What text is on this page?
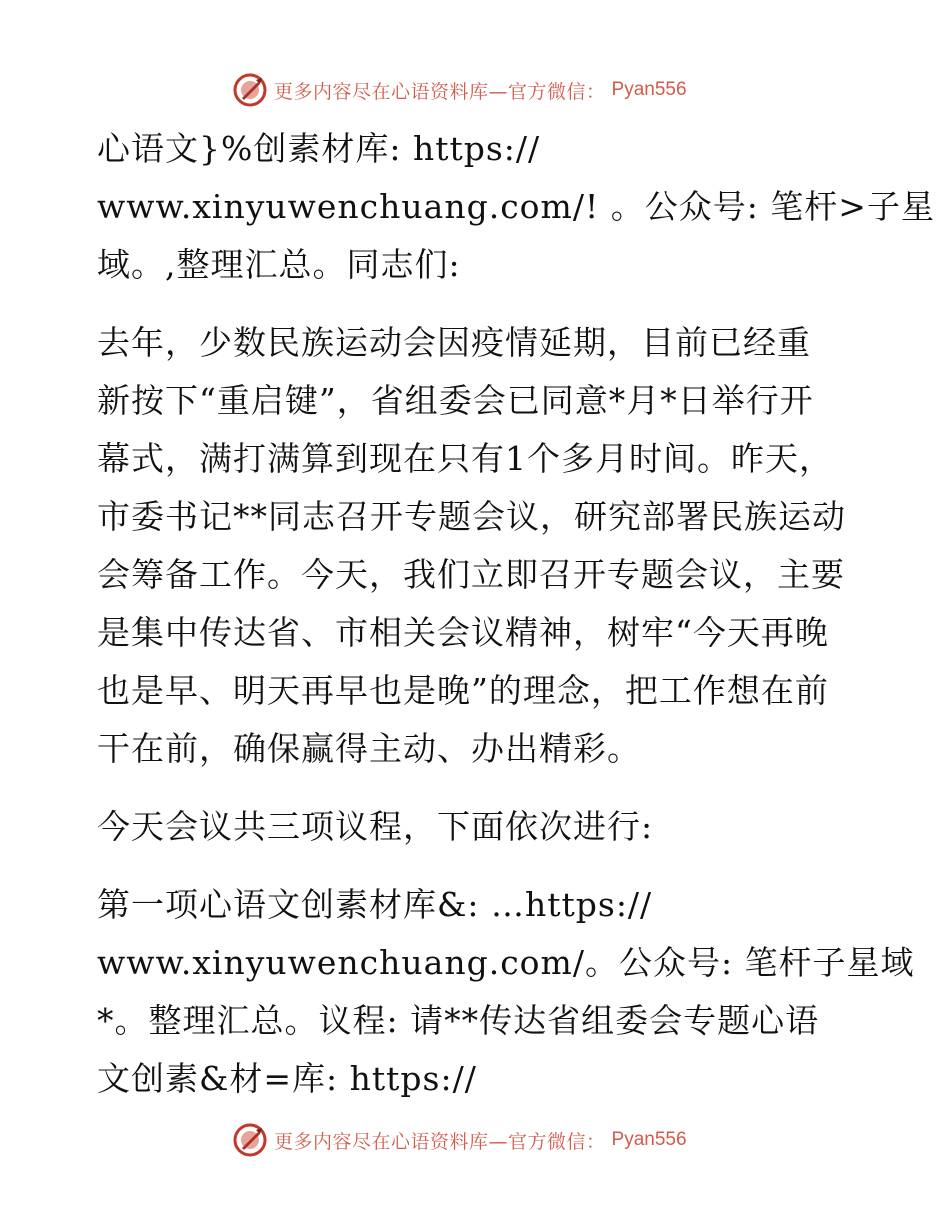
更多内容尽在心语资料库—官方微信： Pyan556
心语文}%创素材库: https://
www.xinyuwenchuang.com/! 。公众号: 笔杆>子星
域。,整理汇总。同志们:
去年，少数民族运动会因疫情延期，目前已经重
新按下“重启键”，省组委会已同意*月*日举行开
幕式，满打满算到现在只有1个多月时间。昨天，
市委书记**同志召开专题会议，研究部署民族运动
会筹备工作。今天，我们立即召开专题会议，主要
是集中传达省、市相关会议精神，树牢“今天再晚
也是早、明天再早也是晚”的理念，把工作想在前
干在前，确保赢得主动、办出精彩。
今天会议共三项议程，下面依次进行:
第一项心语文创素材库&: …https://
www.xinyuwenchuang.com/。公众号: 笔杆子星域
*。整理汇总。议程: 请**传达省组委会专题心语
文创素&材=库: https://
更多内容尽在心语资料库—官方微信： Pyan556
